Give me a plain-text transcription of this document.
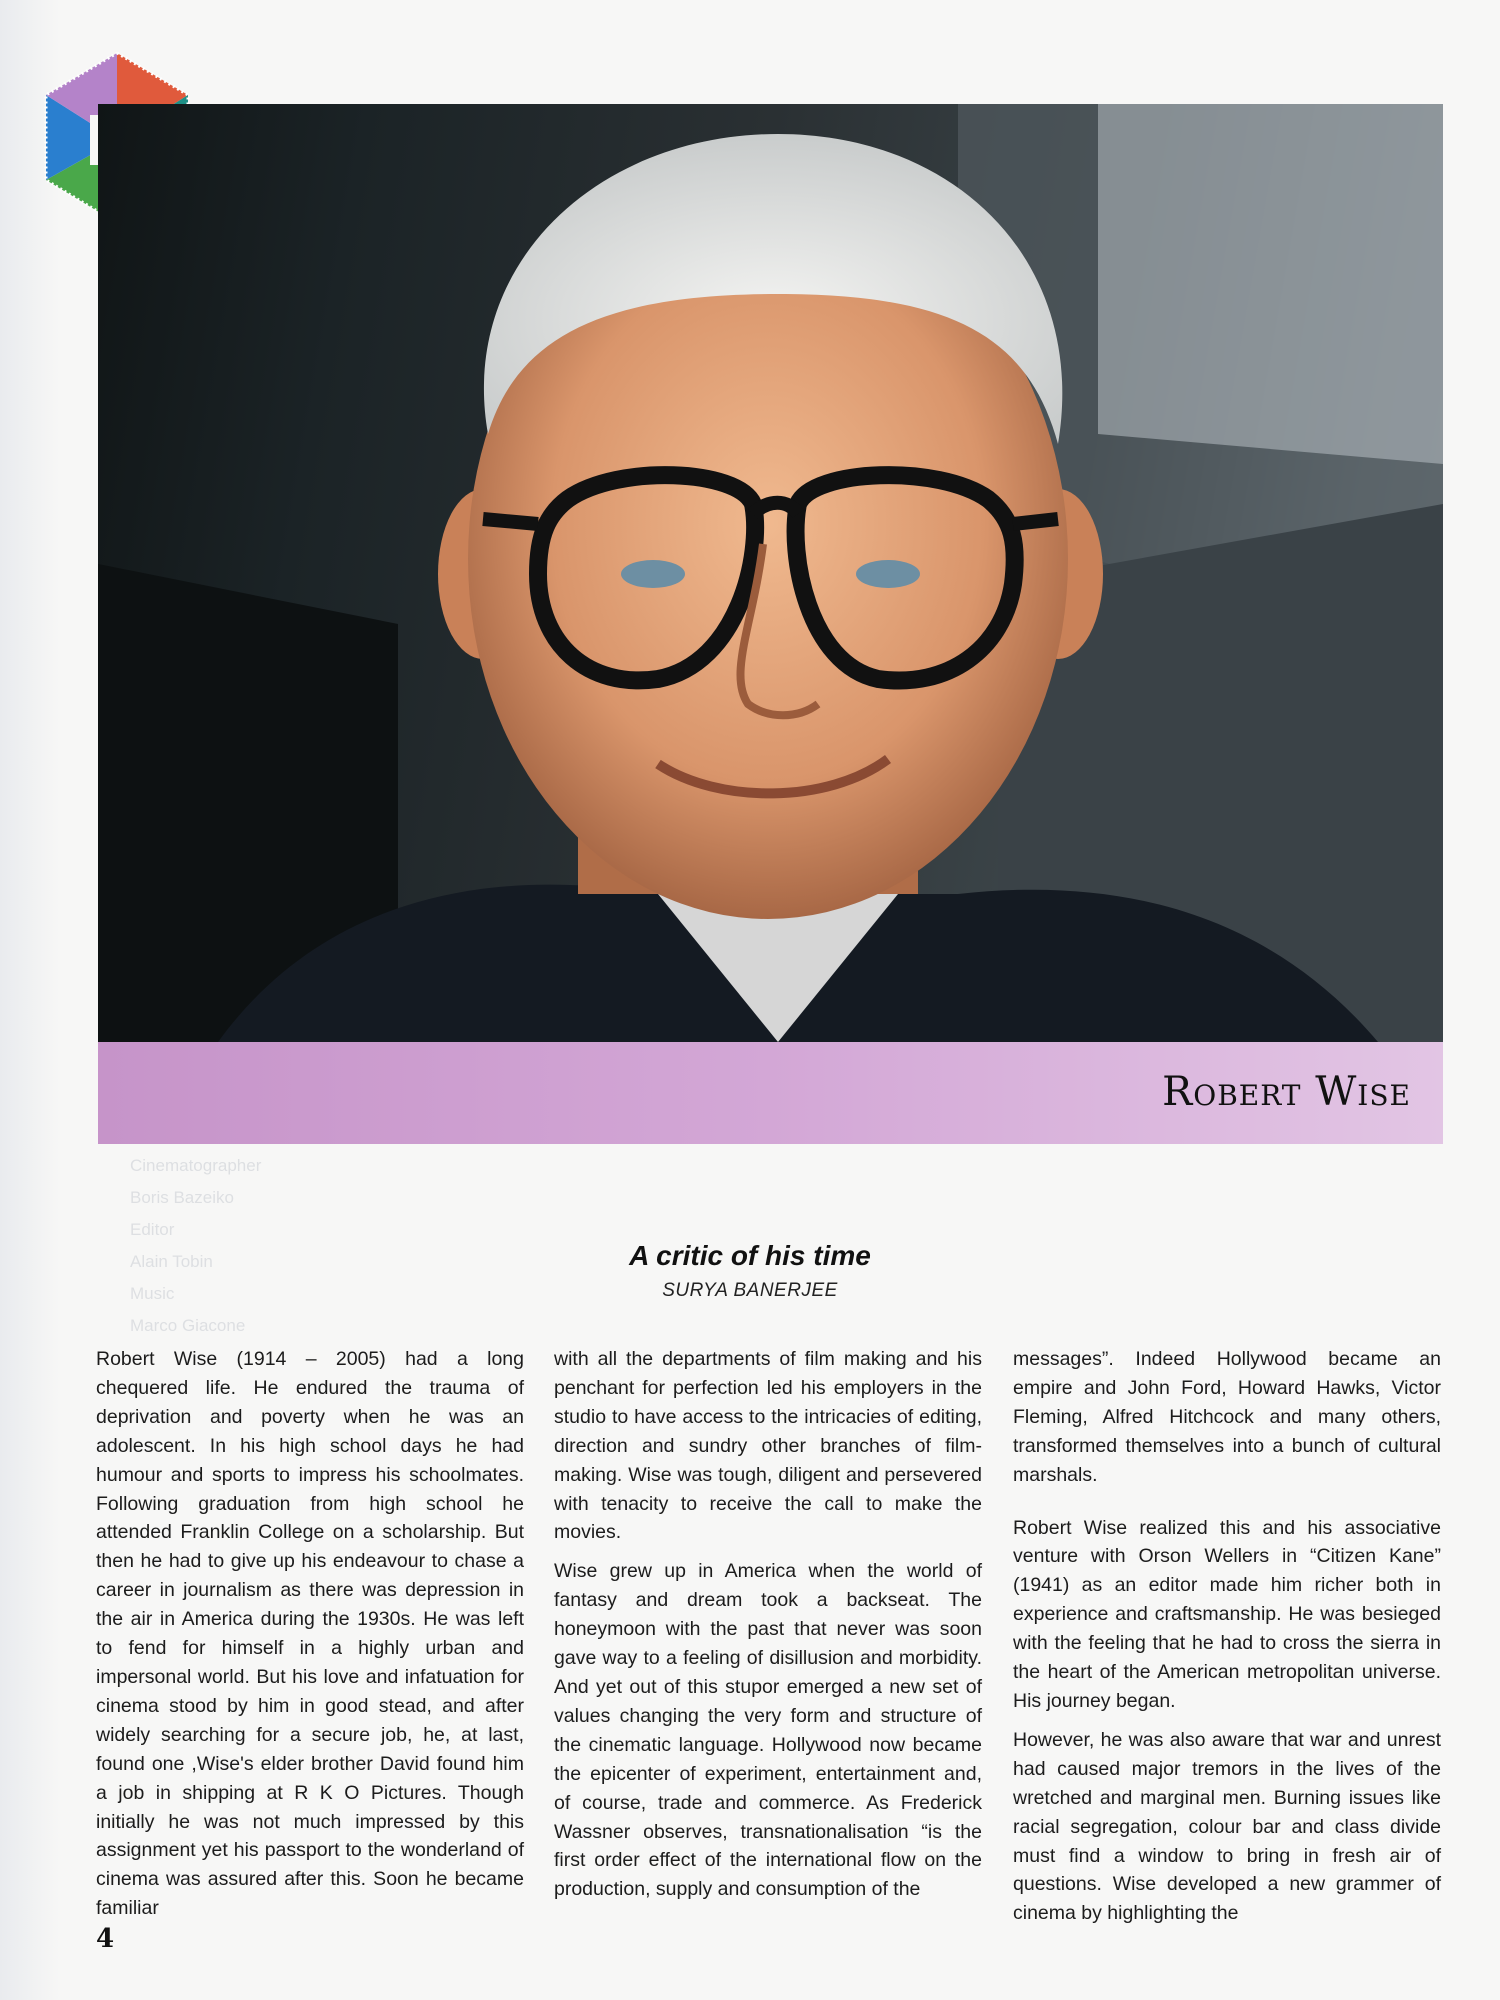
Robert Wise
Cinematographer
Boris Bazeiko
Editor
Alain Tobin
Music
Marco Giacone
A critic of his time
SURYA BANERJEE

Robert Wise (1914 – 2005) had a long chequered life. He endured the trauma of deprivation and poverty when he was an adolescent. In his high school days he had humour and sports to impress his schoolmates. Following graduation from high school he attended Franklin College on a scholarship. But then he had to give up his endeavour to chase a career in journalism as there was depression in the air in America during the 1930s. He was left to fend for himself in a highly urban and impersonal world. But his love and infatuation for cinema stood by him in good stead, and after widely searching for a secure job, he, at last, found one ,Wise's elder brother David found him a job in shipping at R K O Pictures. Though initially he was not much impressed by this assignment yet his passport to the wonderland of cinema was assured after this. Soon he became familiar

with all the departments of film making and his penchant for perfection led his employers in the studio to have access to the intricacies of editing, direction and sundry other branches of film-making. Wise was tough, diligent and persevered with tenacity to receive the call to make the movies.

Wise grew up in America when the world of fantasy and dream took a backseat. The honeymoon with the past that never was soon gave way to a feeling of disillusion and morbidity. And yet out of this stupor emerged a new set of values changing the very form and structure of the cinematic language. Hollywood now became the epicenter of experiment, entertainment and, of course, trade and commerce. As Frederick Wassner observes, transnationalisation “is the first order effect of the international flow on the production, supply and consumption of the

messages”. Indeed Hollywood became an empire and John Ford, Howard Hawks, Victor Fleming, Alfred Hitchcock and many others, transformed themselves into a bunch of cultural marshals.

Robert Wise realized this and his associative venture with Orson Wellers in “Citizen Kane” (1941) as an editor made him richer both in experience and craftsmanship. He was besieged with the feeling that he had to cross the sierra in the heart of the American metropolitan universe. His journey began.

However, he was also aware that war and unrest had caused major tremors in the lives of the wretched and marginal men. Burning issues like racial segregation, colour bar and class divide must find a window to bring in fresh air of questions. Wise developed a new grammer of cinema by highlighting the

4
